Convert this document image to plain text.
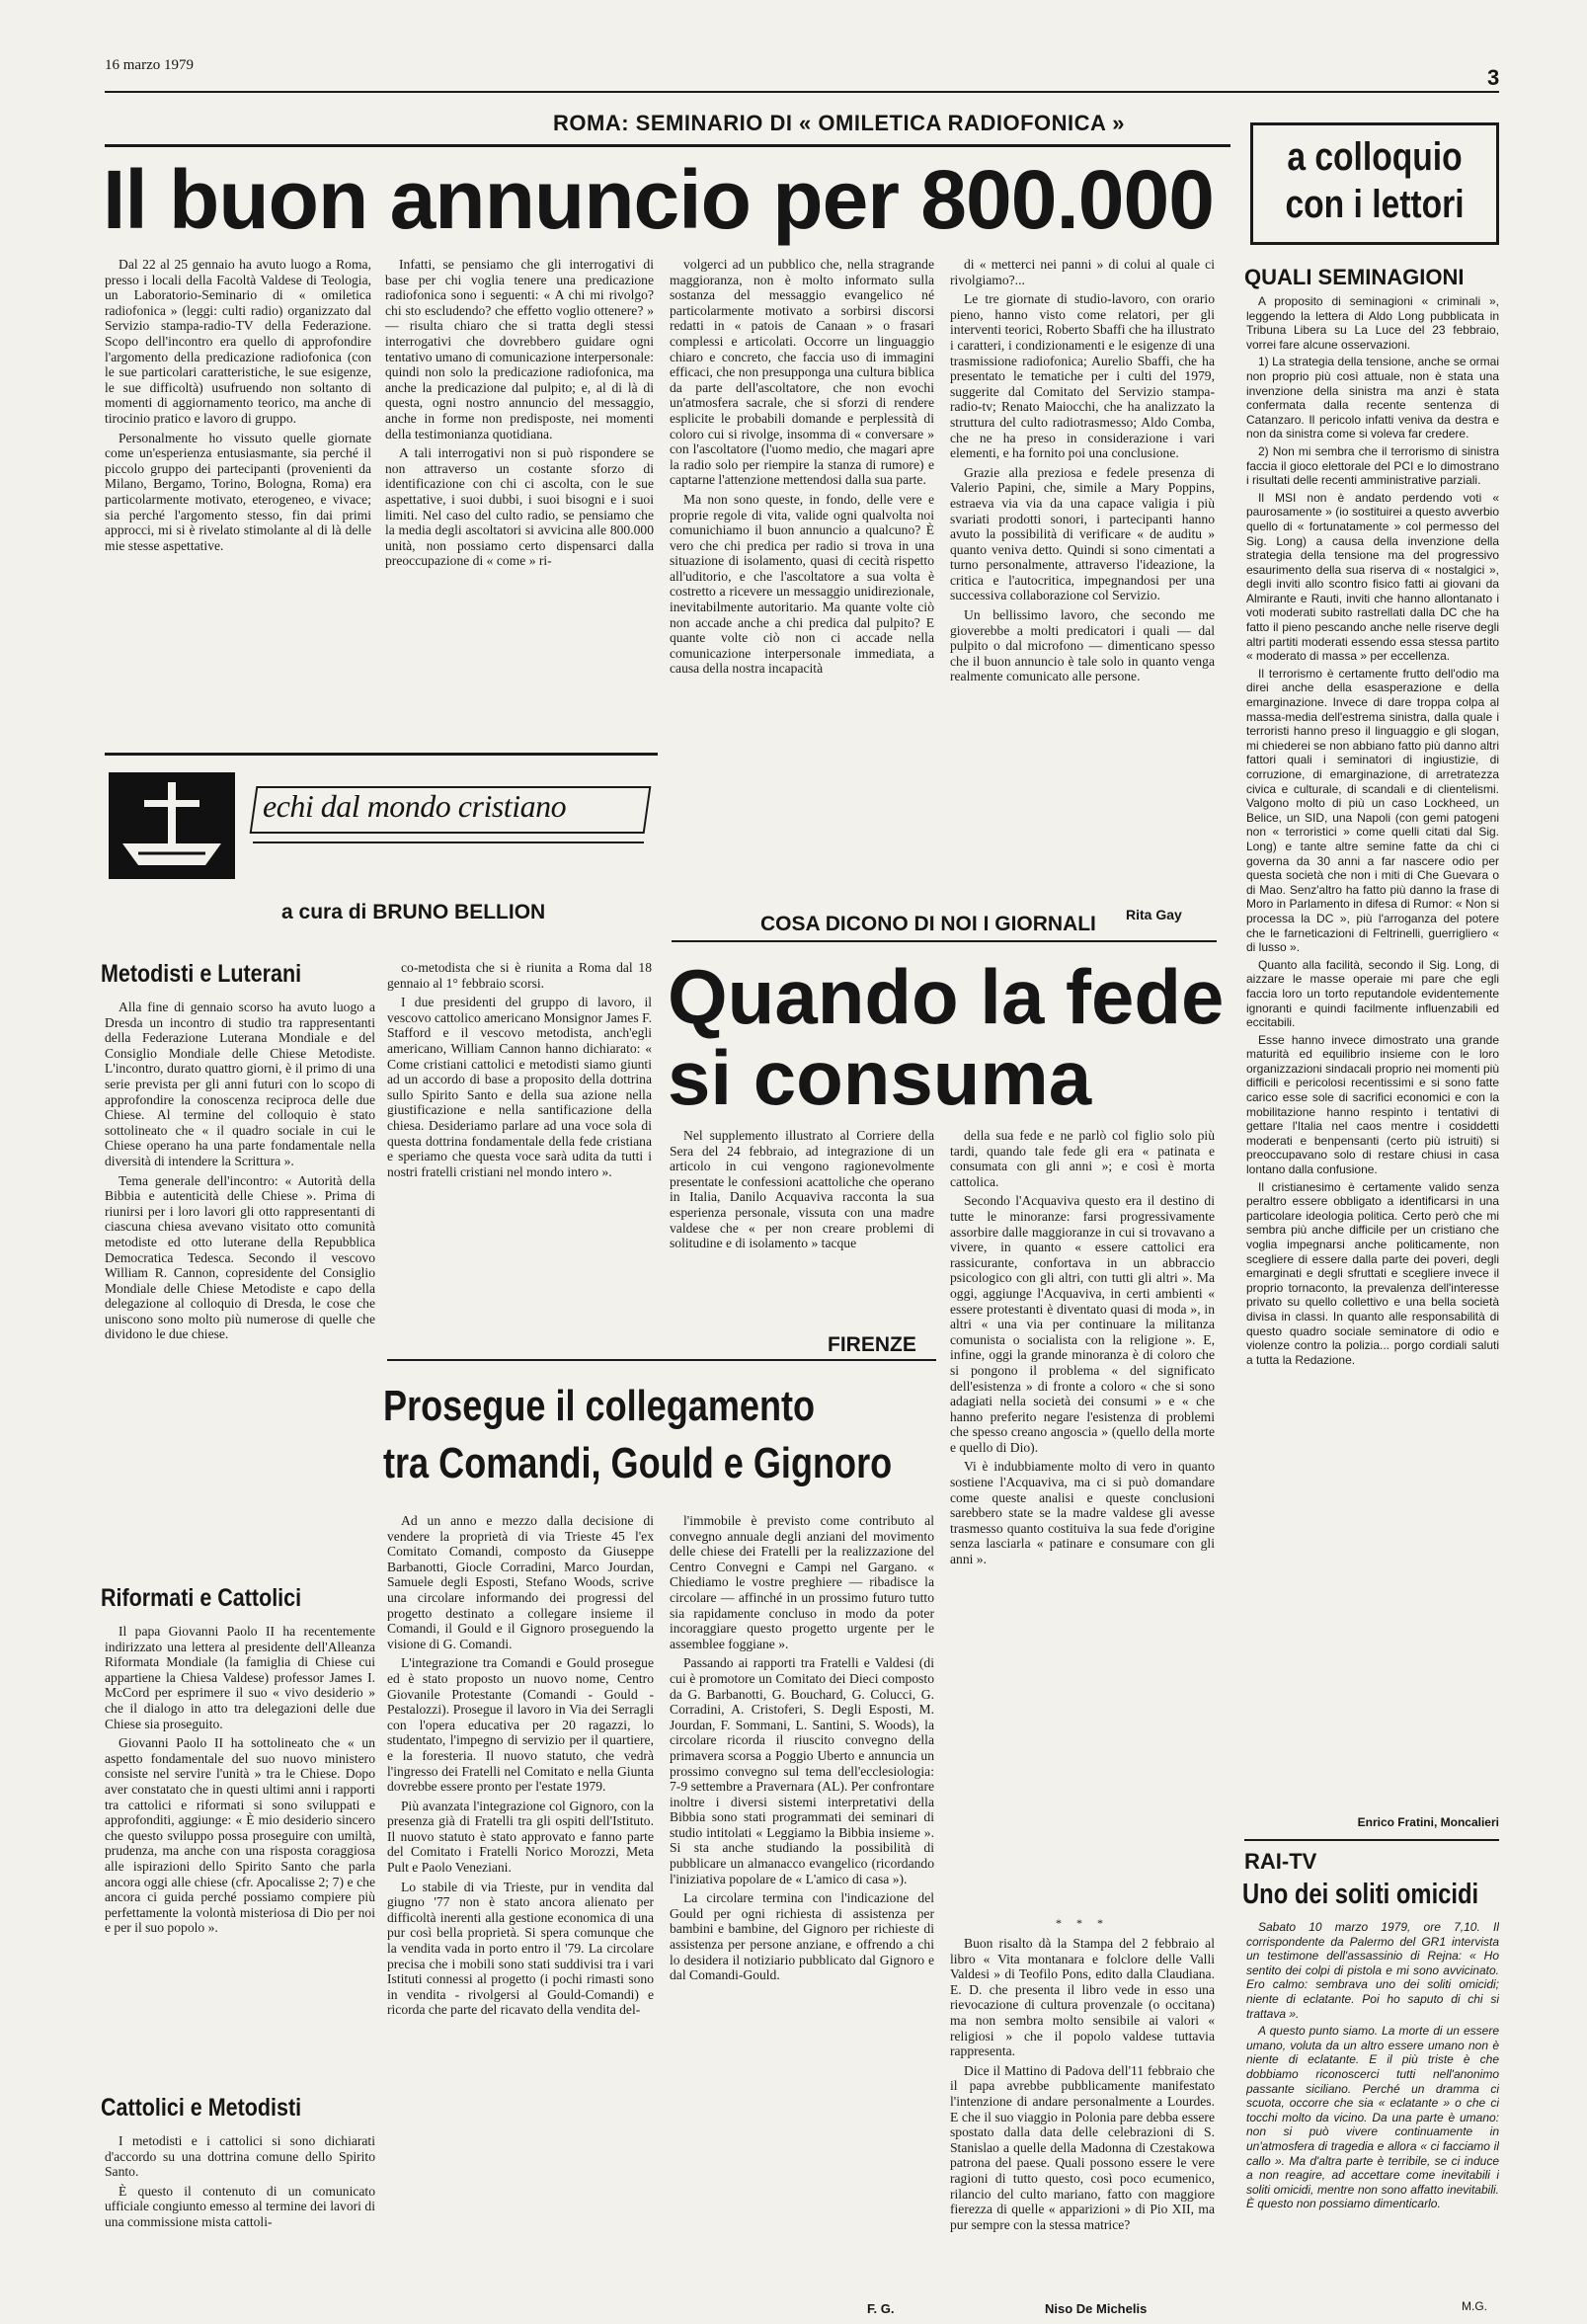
16 marzo 1979	3
ROMA: SEMINARIO DI « OMILETICA RADIOFONICA »
Il buon annuncio per 800.000

Dal 22 al 25 gennaio ha avuto luogo a Roma, presso i locali della Facoltà Valdese di Teologia, un Laboratorio-Seminario di « omiletica radiofonica » (leggi: culti radio) organizzato dal Servizio stampa-radio-TV della Federazione. Scopo dell'incontro era quello di approfondire l'argomento della predicazione radiofonica (con le sue particolari caratteristiche, le sue esigenze, le sue difficoltà) usufruendo non soltanto di momenti di aggiornamento teorico, ma anche di tirocinio pratico e lavoro di gruppo.

Personalmente ho vissuto quelle giornate come un'esperienza entusiasmante, sia perché il piccolo gruppo dei partecipanti (provenienti da Milano, Bergamo, Torino, Bologna, Roma) era particolarmente motivato, eterogeneo, e vivace; sia perché l'argomento stesso, fin dai primi approcci, mi si è rivelato stimolante al di là delle mie stesse aspettative.

Infatti, se pensiamo che gli interrogativi di base per chi voglia tenere una predicazione radiofonica sono i seguenti: « A chi mi rivolgo? chi sto escludendo? che effetto voglio ottenere? » — risulta chiaro che si tratta degli stessi interrogativi che dovrebbero guidare ogni tentativo umano di comunicazione interpersonale: quindi non solo la predicazione radiofonica, ma anche la predicazione dal pulpito; e, al di là di questa, ogni nostro annuncio del messaggio, anche in forme non predisposte, nei momenti della testimonianza quotidiana.

A tali interrogativi non si può rispondere se non attraverso un costante sforzo di identificazione con chi ci ascolta, con le sue aspettative, i suoi dubbi, i suoi bisogni e i suoi limiti. Nel caso del culto radio, se pensiamo che la media degli ascoltatori si avvicina alle 800.000 unità, non possiamo certo dispensarci dalla preoccupazione di « come » ri-

volgerci ad un pubblico che, nella stragrande maggioranza, non è molto informato sulla sostanza del messaggio evangelico né particolarmente motivato a sorbirsi discorsi redatti in « patois de Canaan » o frasari complessi e articolati. Occorre un linguaggio chiaro e concreto, che faccia uso di immagini efficaci, che non presupponga una cultura biblica da parte dell'ascoltatore, che non evochi un'atmosfera sacrale, che si sforzi di rendere esplicite le probabili domande e perplessità di coloro cui si rivolge, insomma di « conversare » con l'ascoltatore (l'uomo medio, che magari apre la radio solo per riempire la stanza di rumore) e captarne l'attenzione mettendosi dalla sua parte.

Ma non sono queste, in fondo, delle vere e proprie regole di vita, valide ogni qualvolta noi comunichiamo il buon annuncio a qualcuno? È vero che chi predica per radio si trova in una situazione di isolamento, quasi di cecità rispetto all'uditorio, e che l'ascoltatore a sua volta è costretto a ricevere un messaggio unidirezionale, inevitabilmente autoritario. Ma quante volte ciò non accade anche a chi predica dal pulpito? E quante volte ciò non ci accade nella comunicazione interpersonale immediata, a causa della nostra incapacità

di « metterci nei panni » di colui al quale ci rivolgiamo?...

Le tre giornate di studio-lavoro, con orario pieno, hanno visto come relatori, per gli interventi teorici, Roberto Sbaffi che ha illustrato i caratteri, i condizionamenti e le esigenze di una trasmissione radiofonica; Aurelio Sbaffi, che ha presentato le tematiche per i culti del 1979, suggerite dal Comitato del Servizio stampa-radio-tv; Renato Maiocchi, che ha analizzato la struttura del culto radiotrasmesso; Aldo Comba, che ne ha preso in considerazione i vari elementi, e ha fornito poi una conclusione.

Grazie alla preziosa e fedele presenza di Valerio Papini, che, simile a Mary Poppins, estraeva via via da una capace valigia i più svariati prodotti sonori, i partecipanti hanno avuto la possibilità di verificare « de auditu » quanto veniva detto. Quindi si sono cimentati a turno personalmente, attraverso l'ideazione, la critica e l'autocritica, impegnandosi per una successiva collaborazione col Servizio.

Un bellissimo lavoro, che secondo me gioverebbe a molti predicatori i quali — dal pulpito o dal microfono — dimenticano spesso che il buon annuncio è tale solo in quanto venga realmente comunicato alle persone.

Rita Gay
echi dal mondo cristiano
a cura di BRUNO BELLION
Metodisti e Luterani

Alla fine di gennaio scorso ha avuto luogo a Dresda un incontro di studio tra rappresentanti della Federazione Luterana Mondiale e del Consiglio Mondiale delle Chiese Metodiste. L'incontro, durato quattro giorni, è il primo di una serie prevista per gli anni futuri con lo scopo di approfondire la conoscenza reciproca delle due Chiese. Al termine del colloquio è stato sottolineato che « il quadro sociale in cui le Chiese operano ha una parte fondamentale nella diversità di intendere la Scrittura ».

Tema generale dell'incontro: « Autorità della Bibbia e autenticità delle Chiese ». Prima di riunirsi per i loro lavori gli otto rappresentanti di ciascuna chiesa avevano visitato otto comunità metodiste ed otto luterane della Repubblica Democratica Tedesca. Secondo il vescovo William R. Cannon, copresidente del Consiglio Mondiale delle Chiese Metodiste e capo della delegazione al colloquio di Dresda, le cose che uniscono sono molto più numerose di quelle che dividono le due chiese.

co-metodista che si è riunita a Roma dal 18 gennaio al 1° febbraio scorsi.

I due presidenti del gruppo di lavoro, il vescovo cattolico americano Monsignor James F. Stafford e il vescovo metodista, anch'egli americano, William Cannon hanno dichiarato: « Come cristiani cattolici e metodisti siamo giunti ad un accordo di base a proposito della dottrina sullo Spirito Santo e della sua azione nella giustificazione e nella santificazione della chiesa. Desideriamo parlare ad una voce sola di questa dottrina fondamentale della fede cristiana e speriamo che questa voce sarà udita da tutti i nostri fratelli cristiani nel mondo intero ».

Riformati e Cattolici

Il papa Giovanni Paolo II ha recentemente indirizzato una lettera al presidente dell'Alleanza Riformata Mondiale (la famiglia di Chiese cui appartiene la Chiesa Valdese) professor James I. McCord per esprimere il suo « vivo desiderio » che il dialogo in atto tra delegazioni delle due Chiese sia proseguito.

Giovanni Paolo II ha sottolineato che « un aspetto fondamentale del suo nuovo ministero consiste nel servire l'unità » tra le Chiese. Dopo aver constatato che in questi ultimi anni i rapporti tra cattolici e riformati si sono sviluppati e approfonditi, aggiunge: « È mio desiderio sincero che questo sviluppo possa proseguire con umiltà, prudenza, ma anche con una risposta coraggiosa alle ispirazioni dello Spirito Santo che parla ancora oggi alle chiese (cfr. Apocalisse 2; 7) e che ancora ci guida perché possiamo compiere più perfettamente la volontà misteriosa di Dio per noi e per il suo popolo ».

Cattolici e Metodisti

I metodisti e i cattolici si sono dichiarati d'accordo su una dottrina comune dello Spirito Santo.

È questo il contenuto di un comunicato ufficiale congiunto emesso al termine dei lavori di una commissione mista cattoli-

COSA DICONO DI NOI I GIORNALI
Quando la fede
si consuma

Nel supplemento illustrato al Corriere della Sera del 24 febbraio, ad integrazione di un articolo in cui vengono ragionevolmente presentate le confessioni acattoliche che operano in Italia, Danilo Acquaviva racconta la sua esperienza personale, vissuta con una madre valdese che « per non creare problemi di solitudine e di isolamento » tacque

FIRENZE

della sua fede e ne parlò col figlio solo più tardi, quando tale fede gli era « patinata e consumata con gli anni »; e così è morta cattolica.

Secondo l'Acquaviva questo era il destino di tutte le minoranze: farsi progressivamente assorbire dalle maggioranze in cui si trovavano a vivere, in quanto « essere cattolici era rassicurante, confortava in un abbraccio psicologico con gli altri, con tutti gli altri ». Ma oggi, aggiunge l'Acquaviva, in certi ambienti « essere protestanti è diventato quasi di moda », in altri « una via per continuare la militanza comunista o socialista con la religione ». E, infine, oggi la grande minoranza è di coloro che si pongono il problema « del significato dell'esistenza » di fronte a coloro « che si sono adagiati nella società dei consumi » e « che hanno preferito negare l'esistenza di problemi che spesso creano angoscia » (quello della morte e quello di Dio).

Vi è indubbiamente molto di vero in quanto sostiene l'Acquaviva, ma ci si può domandare come queste analisi e queste conclusioni sarebbero state se la madre valdese gli avesse trasmesso quanto costituiva la sua fede d'origine senza lasciarla « patinare e consumare con gli anni ».

* * *

Buon risalto dà la Stampa del 2 febbraio al libro « Vita montanara e folclore delle Valli Valdesi » di Teofilo Pons, edito dalla Claudiana. E. D. che presenta il libro vede in esso una rievocazione di cultura provenzale (o occitana) ma non sembra molto sensibile ai valori « religiosi » che il popolo valdese tuttavia rappresenta.

Dice il Mattino di Padova dell'11 febbraio che il papa avrebbe pubblicamente manifestato l'intenzione di andare personalmente a Lourdes. E che il suo viaggio in Polonia pare debba essere spostato dalla data delle celebrazioni di S. Stanislao a quelle della Madonna di Czestakowa patrona del paese. Quali possono essere le vere ragioni di tutto questo, così poco ecumenico, rilancio del culto mariano, fatto con maggiore fierezza di quelle « apparizioni » di Pio XII, ma pur sempre con la stessa matrice?

F. G.	Niso De Michelis
Prosegue il collegamento
tra Comandi, Gould e Gignoro

Ad un anno e mezzo dalla decisione di vendere la proprietà di via Trieste 45 l'ex Comitato Comandi, composto da Giuseppe Barbanotti, Giocle Corradini, Marco Jourdan, Samuele degli Esposti, Stefano Woods, scrive una circolare informando dei progressi del progetto destinato a collegare insieme il Comandi, il Gould e il Gignoro proseguendo la visione di G. Comandi.

L'integrazione tra Comandi e Gould prosegue ed è stato proposto un nuovo nome, Centro Giovanile Protestante (Comandi - Gould - Pestalozzi). Prosegue il lavoro in Via dei Serragli con l'opera educativa per 20 ragazzi, lo studentato, l'impegno di servizio per il quartiere, e la foresteria. Il nuovo statuto, che vedrà l'ingresso dei Fratelli nel Comitato e nella Giunta dovrebbe essere pronto per l'estate 1979.

Più avanzata l'integrazione col Gignoro, con la presenza già di Fratelli tra gli ospiti dell'Istituto. Il nuovo statuto è stato approvato e fanno parte del Comitato i Fratelli Norico Morozzi, Meta Pult e Paolo Veneziani.

Lo stabile di via Trieste, pur in vendita dal giugno '77 non è stato ancora alienato per difficoltà inerenti alla gestione economica di una pur così bella proprietà. Si spera comunque che la vendita vada in porto entro il '79. La circolare precisa che i mobili sono stati suddivisi tra i vari Istituti connessi al progetto (i pochi rimasti sono in vendita - rivolgersi al Gould-Comandi) e ricorda che parte del ricavato della vendita del-

l'immobile è previsto come contributo al convegno annuale degli anziani del movimento delle chiese dei Fratelli per la realizzazione del Centro Convegni e Campi nel Gargano. « Chiediamo le vostre preghiere — ribadisce la circolare — affinché in un prossimo futuro tutto sia rapidamente concluso in modo da poter incoraggiare questo progetto urgente per le assemblee foggiane ».

Passando ai rapporti tra Fratelli e Valdesi (di cui è promotore un Comitato dei Dieci composto da G. Barbanotti, G. Bouchard, G. Colucci, G. Corradini, A. Cristoferi, S. Degli Esposti, M. Jourdan, F. Sommani, L. Santini, S. Woods), la circolare ricorda il riuscito convegno della primavera scorsa a Poggio Uberto e annuncia un prossimo convegno sul tema dell'ecclesiologia: 7-9 settembre a Pravernara (AL). Per confrontare inoltre i diversi sistemi interpretativi della Bibbia sono stati programmati dei seminari di studio intitolati « Leggiamo la Bibbia insieme ». Si sta anche studiando la possibilità di pubblicare un almanacco evangelico (ricordando l'iniziativa popolare de « L'amico di casa »).

La circolare termina con l'indicazione del Gould per ogni richiesta di assistenza per bambini e bambine, del Gignoro per richieste di assistenza per persone anziane, e offrendo a chi lo desidera il notiziario pubblicato dal Gignoro e dal Comandi-Gould.

a colloquio
con i lettori
QUALI SEMINAGIONI

A proposito di seminagioni « criminali », leggendo la lettera di Aldo Long pubblicata in Tribuna Libera su La Luce del 23 febbraio, vorrei fare alcune osservazioni.

1) La strategia della tensione, anche se ormai non proprio più così attuale, non è stata una invenzione della sinistra ma anzi è stata confermata dalla recente sentenza di Catanzaro. Il pericolo infatti veniva da destra e non da sinistra come si voleva far credere.

2) Non mi sembra che il terrorismo di sinistra faccia il gioco elettorale del PCI e lo dimostrano i risultati delle recenti amministrative parziali.

Il MSI non è andato perdendo voti « paurosamente » (io sostituirei a questo avverbio quello di « fortunatamente » col permesso del Sig. Long) a causa della invenzione della strategia della tensione ma del progressivo esaurimento della sua riserva di « nostalgici », degli inviti allo scontro fisico fatti ai giovani da Almirante e Rauti, inviti che hanno allontanato i voti moderati subito rastrellati dalla DC che ha fatto il pieno pescando anche nelle riserve degli altri partiti moderati essendo essa stessa partito « moderato di massa » per eccellenza.

Il terrorismo è certamente frutto dell'odio ma direi anche della esasperazione e della emarginazione. Invece di dare troppa colpa al massa-media dell'estrema sinistra, dalla quale i terroristi hanno preso il linguaggio e gli slogan, mi chiederei se non abbiano fatto più danno altri fattori quali i seminatori di ingiustizie, di corruzione, di emarginazione, di arretratezza civica e culturale, di scandali e di clientelismi. Valgono molto di più un caso Lockheed, un Belice, un SID, una Napoli (con gemi patogeni non « terroristici » come quelli citati dal Sig. Long) e tante altre semine fatte da chi ci governa da 30 anni a far nascere odio per questa società che non i miti di Che Guevara o di Mao. Senz'altro ha fatto più danno la frase di Moro in Parlamento in difesa di Rumor: « Non si processa la DC », più l'arroganza del potere che le farneticazioni di Feltrinelli, guerrigliero « di lusso ».

Quanto alla facilità, secondo il Sig. Long, di aizzare le masse operaie mi pare che egli faccia loro un torto reputandole evidentemente ignoranti e quindi facilmente influenzabili ed eccitabili.

Esse hanno invece dimostrato una grande maturità ed equilibrio insieme con le loro organizzazioni sindacali proprio nei momenti più difficili e pericolosi recentissimi e si sono fatte carico esse sole di sacrifici economici e con la mobilitazione hanno respinto i tentativi di gettare l'Italia nel caos mentre i cosiddetti moderati e benpensanti (certo più istruiti) si preoccupavano solo di restare chiusi in casa lontano dalla confusione.

Il cristianesimo è certamente valido senza peraltro essere obbligato a identificarsi in una particolare ideologia politica. Certo però che mi sembra più anche difficile per un cristiano che voglia impegnarsi anche politicamente, non scegliere di essere dalla parte dei poveri, degli emarginati e degli sfruttati e scegliere invece il proprio tornaconto, la prevalenza dell'interesse privato su quello collettivo e una bella società divisa in classi. In quanto alle responsabilità di questo quadro sociale seminatore di odio e violenze contro la polizia... porgo cordiali saluti a tutta la Redazione.

Enrico Fratini, Moncalieri
RAI-TV
Uno dei soliti omicidi

Sabato 10 marzo 1979, ore 7,10. Il corrispondente da Palermo del GR1 intervista un testimone dell'assassinio di Rejna: « Ho sentito dei colpi di pistola e mi sono avvicinato. Ero calmo: sembrava uno dei soliti omicidi; niente di eclatante. Poi ho saputo di chi si trattava ».

A questo punto siamo. La morte di un essere umano, voluta da un altro essere umano non è niente di eclatante. E il più triste è che dobbiamo riconoscerci tutti nell'anonimo passante siciliano. Perché un dramma ci scuota, occorre che sia « eclatante » o che ci tocchi molto da vicino. Da una parte è umano: non si può vivere continuamente in un'atmosfera di tragedia e allora « ci facciamo il callo ». Ma d'altra parte è terribile, se ci induce a non reagire, ad accettare come inevitabili i soliti omicidi, mentre non sono affatto inevitabili. È questo non possiamo dimenticarlo.

M.G.
